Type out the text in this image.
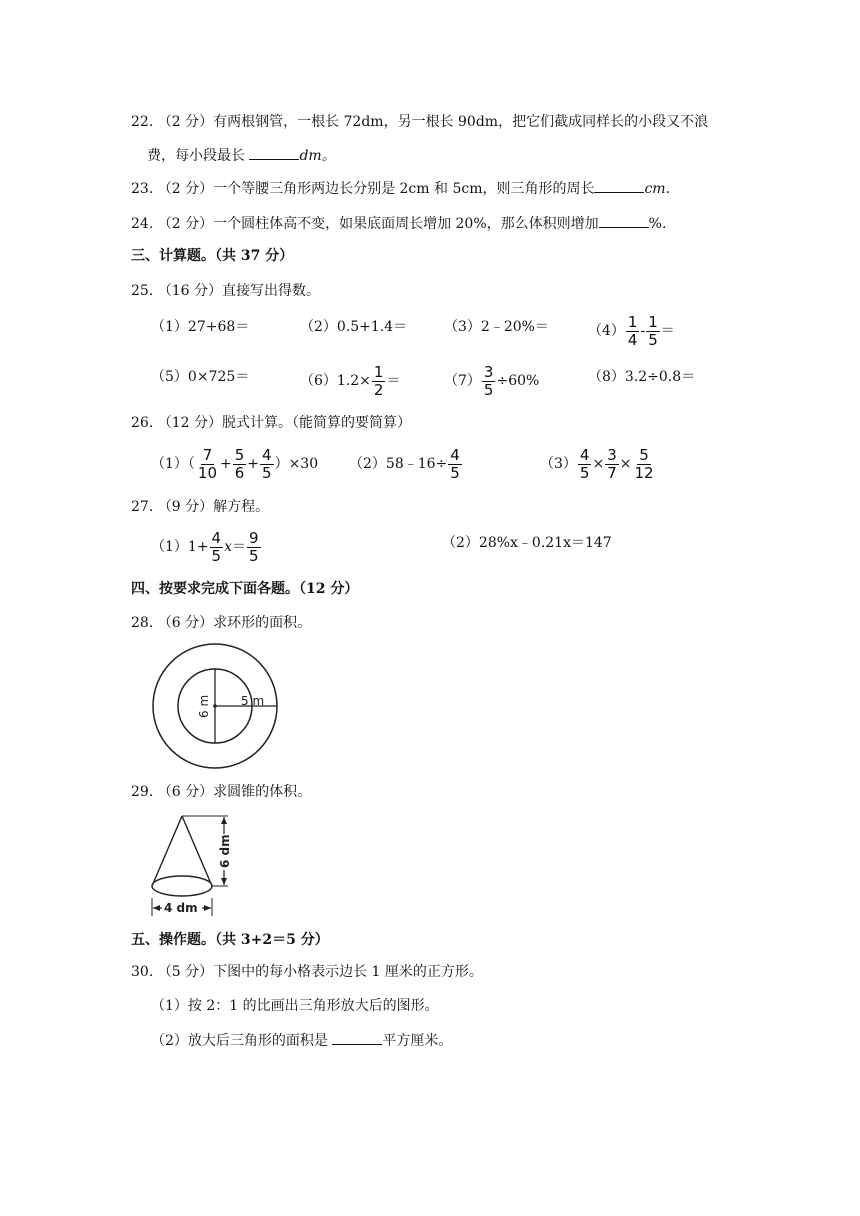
22. （2 分）有两根钢管，一根长 72dm，另一根长 90dm，把它们截成同样长的小段又不浪
费，每小段最长	dm。
23. （2 分）一个等腰三角形两边长分别是 2cm 和 5cm，则三角形的周长	cm.
24. （2 分）一个圆柱体高不变，如果底面周长增加 20%，那么体积则增加	%.
三、计算题。（共 37 分）
25. （16 分）直接写出得数。
（1）27+68＝	（2）0.5+1.4＝	（3）2﹣20%＝	$(4) \frac{1}{4} - \frac{1}{5}$ ＝
（5）0×725＝	$(6)1.2\times \frac{1}{2}$ ＝	$(7) \frac{3}{5} \div 60\%$	（8）3.2÷0.8＝
26. （12 分）脱式计算。（能简算的要简算）
$(1)( \frac{7}{10} + \frac{5}{6} + \frac{4}{5} )\times 30$ （2）58﹣16÷ $\frac{4}{5}$	$(3) \frac{4}{5} \times \frac{3}{7} \times \frac{5}{12}$
27. （9 分）解方程。
$(1)1+ \frac{4}{5} x= \frac{9}{5}$	（2）28%x﹣0.21x＝147
四、按要求完成下面各题。（12 分）
28. （6 分）求环形的面积。
6 m	5 m
29. （6 分）求圆锥的体积。
6 dm
4 dm
五、操作题。（共 3+2＝5 分）
30. （5 分）下图中的每小格表示边长 1 厘米的正方形。
（1）按 2：1 的比画出三角形放大后的图形。
（2）放大后三角形的面积是	平方厘米。
